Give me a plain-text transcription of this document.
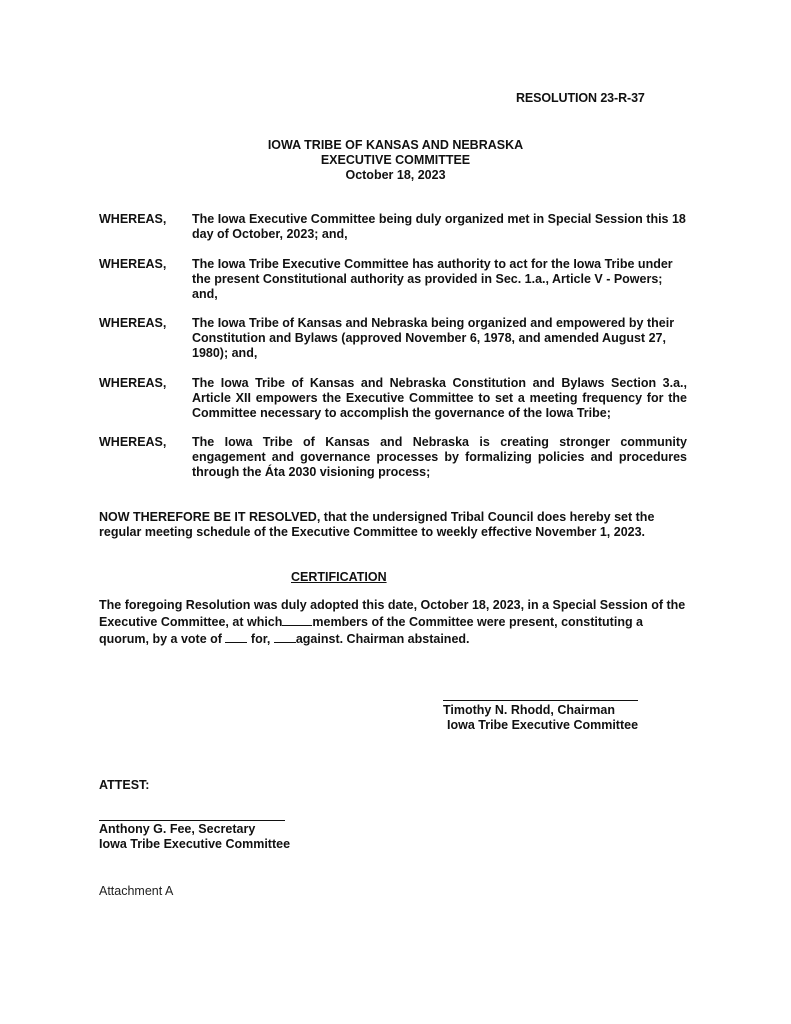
RESOLUTION 23-R-37
IOWA TRIBE OF KANSAS AND NEBRASKA
EXECUTIVE COMMITTEE
October 18, 2023
WHEREAS, The Iowa Executive Committee being duly organized met in Special Session this 18 day of October, 2023; and,
WHEREAS, The Iowa Tribe Executive Committee has authority to act for the Iowa Tribe under the present Constitutional authority as provided in Sec. 1.a., Article V - Powers; and,
WHEREAS, The Iowa Tribe of Kansas and Nebraska being organized and empowered by their Constitution and Bylaws (approved November 6, 1978, and amended August 27, 1980); and,
WHEREAS, The Iowa Tribe of Kansas and Nebraska Constitution and Bylaws Section 3.a., Article XII empowers the Executive Committee to set a meeting frequency for the Committee necessary to accomplish the governance of the Iowa Tribe;
WHEREAS, The Iowa Tribe of Kansas and Nebraska is creating stronger community engagement and governance processes by formalizing policies and procedures through the Áta 2030 visioning process;
NOW THEREFORE BE IT RESOLVED, that the undersigned Tribal Council does hereby set the regular meeting schedule of the Executive Committee to weekly effective November 1, 2023.
CERTIFICATION
The foregoing Resolution was duly adopted this date, October 18, 2023, in a Special Session of the Executive Committee, at which members of the Committee were present, constituting a quorum, by a vote of for, against. Chairman abstained.
Timothy N. Rhodd, Chairman
Iowa Tribe Executive Committee
ATTEST:
Anthony G. Fee, Secretary
Iowa Tribe Executive Committee
Attachment A
